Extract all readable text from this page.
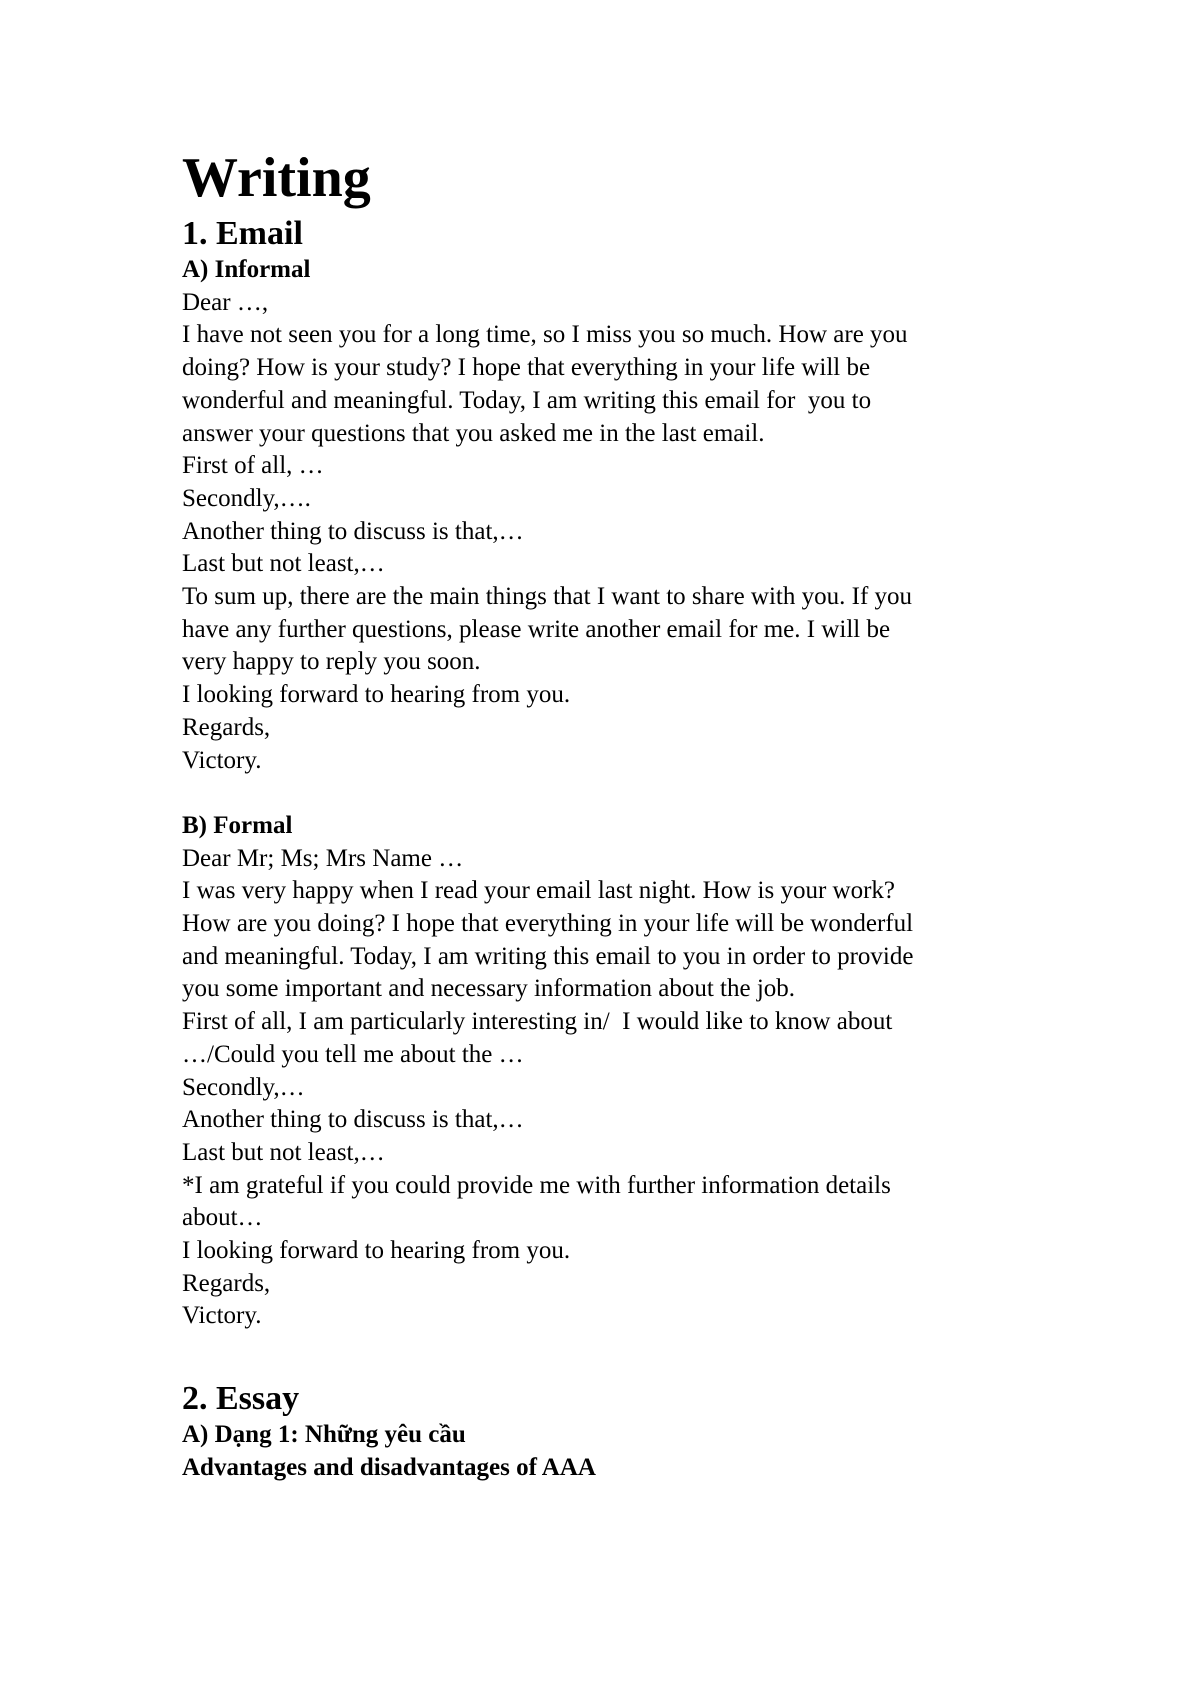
Writing
1. Email
A) Informal
Dear …,
I have not seen you for a long time, so I miss you so much. How are you
doing? How is your study? I hope that everything in your life will be
wonderful and meaningful. Today, I am writing this email for  you to
answer your questions that you asked me in the last email.
First of all, …
Secondly,….
Another thing to discuss is that,…
Last but not least,…
To sum up, there are the main things that I want to share with you. If you
have any further questions, please write another email for me. I will be
very happy to reply you soon.
I looking forward to hearing from you.
Regards,
Victory.
B) Formal
Dear Mr; Ms; Mrs Name …
I was very happy when I read your email last night. How is your work?
How are you doing? I hope that everything in your life will be wonderful
and meaningful. Today, I am writing this email to you in order to provide
you some important and necessary information about the job.
First of all, I am particularly interesting in/  I would like to know about
…/Could you tell me about the …
Secondly,…
Another thing to discuss is that,…
Last but not least,…
*I am grateful if you could provide me with further information details
about…
I looking forward to hearing from you.
Regards,
Victory.
2. Essay
A) Dạng 1: Những yêu cầu
Advantages and disadvantages of AAA
